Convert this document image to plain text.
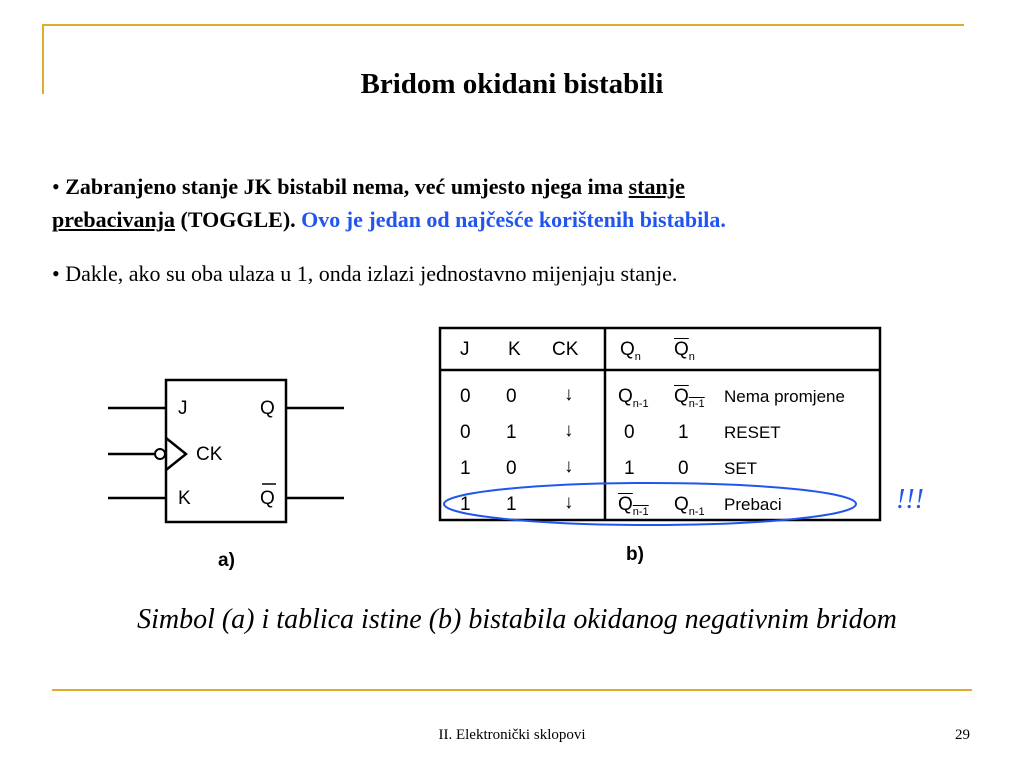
Bridom okidani bistabili
• Zabranjeno stanje JK bistabil nema, već umjesto njega ima stanje
prebacivanja (TOGGLE). Ovo je jedan od najčešće korištenih bistabila.
• Dakle, ako su oba ulaza u 1, onda izlazi jednostavno mijenjaju stanje.
J	Q
CK
K	Q
a)
J K CK $Q_n$ $\overline{Q}_n$
0 0 ↓ $Q_{n-1}$ $\overline{Q}_{n-1}$ Nema promjene
0 1 ↓	0 1 RESET
1 0 ↓	1 0 SET
1 1 ↓ $\overline{Q}_{n-1}$ $Q_{n-1}$ Prebaci
b)
!!!
Simbol (a) i tablica istine (b) bistabila okidanog negativnim bridom
II. Elektronički sklopovi	29
